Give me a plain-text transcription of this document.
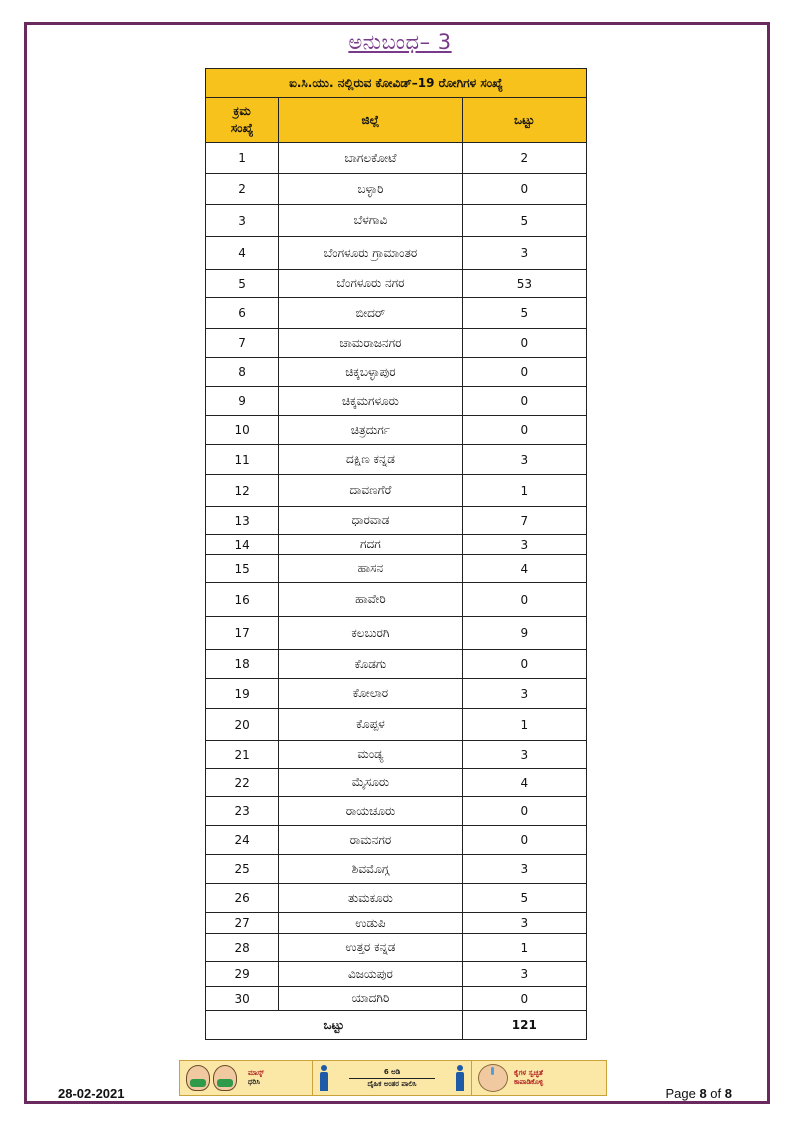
ಅನುಬಂಧ– 3
ಐ.ಸಿ.ಯು. ನಲ್ಲಿರುವ ಕೋವಿಡ್–19 ರೋಗಿಗಳ ಸಂಖ್ಯೆ		
ಕ್ರಮ
ಸಂಖ್ಯೆ	ಜಿಲ್ಲೆ	ಒಟ್ಟು
1	ಬಾಗಲಕೋಟೆ	2
2	ಬಳ್ಳಾರಿ	0
3	ಬೆಳಗಾವಿ	5
4	ಬೆಂಗಳೂರು ಗ್ರಾಮಾಂತರ	3
5	ಬೆಂಗಳೂರು ನಗರ	53
6	ಬೀದರ್	5
7	ಚಾಮರಾಜನಗರ	0
8	ಚಿಕ್ಕಬಳ್ಳಾಪುರ	0
9	ಚಿಕ್ಕಮಗಳೂರು	0
10	ಚಿತ್ರದುರ್ಗ	0
11	ದಕ್ಷಿಣ ಕನ್ನಡ	3
12	ದಾವಣಗೆರೆ	1
13	ಧಾರವಾಡ	7
14	ಗದಗ	3
15	ಹಾಸನ	4
16	ಹಾವೇರಿ	0
17	ಕಲಬುರಗಿ	9
18	ಕೊಡಗು	0
19	ಕೋಲಾರ	3
20	ಕೊಪ್ಪಳ	1
21	ಮಂಡ್ಯ	3
22	ಮೈಸೂರು	4
23	ರಾಯಚೂರು	0
24	ರಾಮನಗರ	0
25	ಶಿವಮೊಗ್ಗ	3
26	ತುಮಕೂರು	5
27	ಉಡುಪಿ	3
28	ಉತ್ತರ ಕನ್ನಡ	1
29	ವಿಜಯಪುರ	3
30	ಯಾದಗಿರಿ	0
ಒಟ್ಟು		121
ಮಾಸ್ಕ್
ಧರಿಸಿ
6 ಅಡಿ
ದೈಹಿಕ ಅಂತರ ಪಾಲಿಸಿ
ಕೈಗಳ ಸ್ವಚ್ಛತೆ
ಕಾಪಾಡಿಕೊಳ್ಳಿ
28-02-2021	Page 8 of 8
